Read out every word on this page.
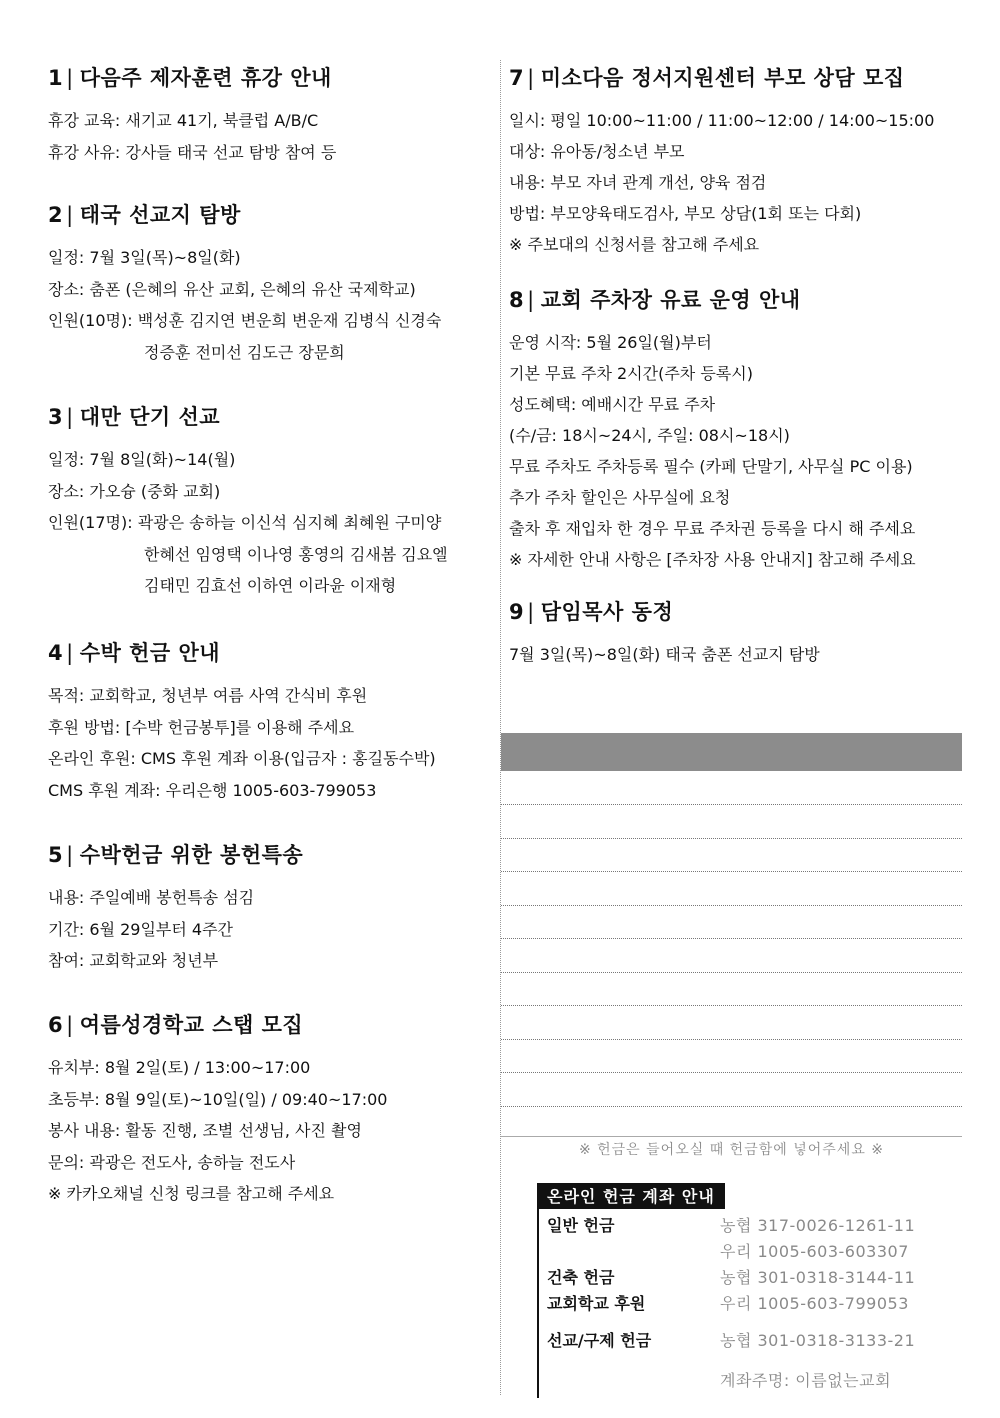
1 | 다음주 제자훈련 휴강 안내
휴강 교육: 새기교 41기, 북클럽 A/B/C
휴강 사유: 강사들 태국 선교 탐방 참여 등
2 | 태국 선교지 탐방
일정: 7월 3일(목)~8일(화)
장소: 춤폰 (은혜의 유산 교회, 은혜의 유산 국제학교)
인원(10명): 백성훈 김지연 변운희 변운재 김병식 신경숙
정증훈 전미선 김도근 장문희
3 | 대만 단기 선교
일정: 7월 8일(화)~14(월)
장소: 가오슝 (중화 교회)
인원(17명): 곽광은 송하늘 이신석 심지혜 최혜원 구미양
한혜선 임영택 이나영 홍영의 김새봄 김요엘
김태민 김효선 이하연 이라윤 이재형
4 | 수박 헌금 안내
목적: 교회학교, 청년부 여름 사역 간식비 후원
후원 방법: [수박 헌금봉투]를 이용해 주세요
온라인 후원: CMS 후원 계좌 이용(입금자 : 홍길동수박)
CMS 후원 계좌: 우리은행 1005-603-799053
5 | 수박헌금 위한 봉헌특송
내용: 주일예배 봉헌특송 섬김
기간: 6월 29일부터 4주간
참여: 교회학교와 청년부
6 | 여름성경학교 스탭 모집
유치부: 8월 2일(토) / 13:00~17:00
초등부: 8월 9일(토)~10일(일) / 09:40~17:00
봉사 내용: 활동 진행, 조별 선생님, 사진 촬영
문의: 곽광은 전도사, 송하늘 전도사
※ 카카오채널 신청 링크를 참고해 주세요
7 | 미소다음 정서지원센터 부모 상담 모집
일시: 평일 10:00~11:00 / 11:00~12:00 / 14:00~15:00
대상: 유아동/청소년 부모
내용: 부모 자녀 관계 개선, 양육 점검
방법: 부모양육태도검사, 부모 상담(1회 또는 다회)
※ 주보대의 신청서를 참고해 주세요
8 | 교회 주차장 유료 운영 안내
운영 시작: 5월 26일(월)부터
기본 무료 주차 2시간(주차 등록시)
성도혜택: 예배시간 무료 주차
(수/금: 18시~24시, 주일: 08시~18시)
무료 주차도 주차등록 필수 (카페 단말기, 사무실 PC 이용)
추가 주차 할인은 사무실에 요청
출차 후 재입차 한 경우 무료 주차권 등록을 다시 해 주세요
※ 자세한 안내 사항은 [주차장 사용 안내지] 참고해 주세요
9 | 담임목사 동정
7월 3일(목)~8일(화) 태국 춤폰 선교지 탐방
※ 헌금은 들어오실 때 헌금함에 넣어주세요 ※
온라인 헌금 계좌 안내
일반 헌금	농협 317-0026-1261-11
우리 1005-603-603307
건축 헌금	농협 301-0318-3144-11
교회학교 후원	우리 1005-603-799053
선교/구제 헌금	농협 301-0318-3133-21
계좌주명: 이름없는교회
